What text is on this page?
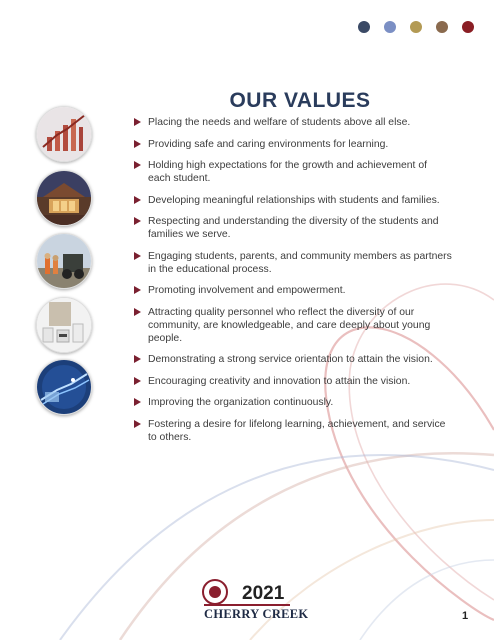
OUR VALUES
Placing the needs and welfare of students above all else.
Providing safe and caring environments for learning.
Holding high expectations for the growth and achievement of each student.
Developing meaningful relationships with students and families.
Respecting and understanding the diversity of the students and families we serve.
Engaging students, parents, and community members as partners in the educational process.
Promoting involvement and empowerment.
Attracting quality personnel who reflect the diversity of our community, are knowledgeable, and care deeply about young people.
Demonstrating a strong service orientation to attain the vision.
Encouraging creativity and innovation to attain the vision.
Improving the organization continuously.
Fostering a desire for lifelong learning, achievement, and service to others.
2021
CHERRY CREEK	1
